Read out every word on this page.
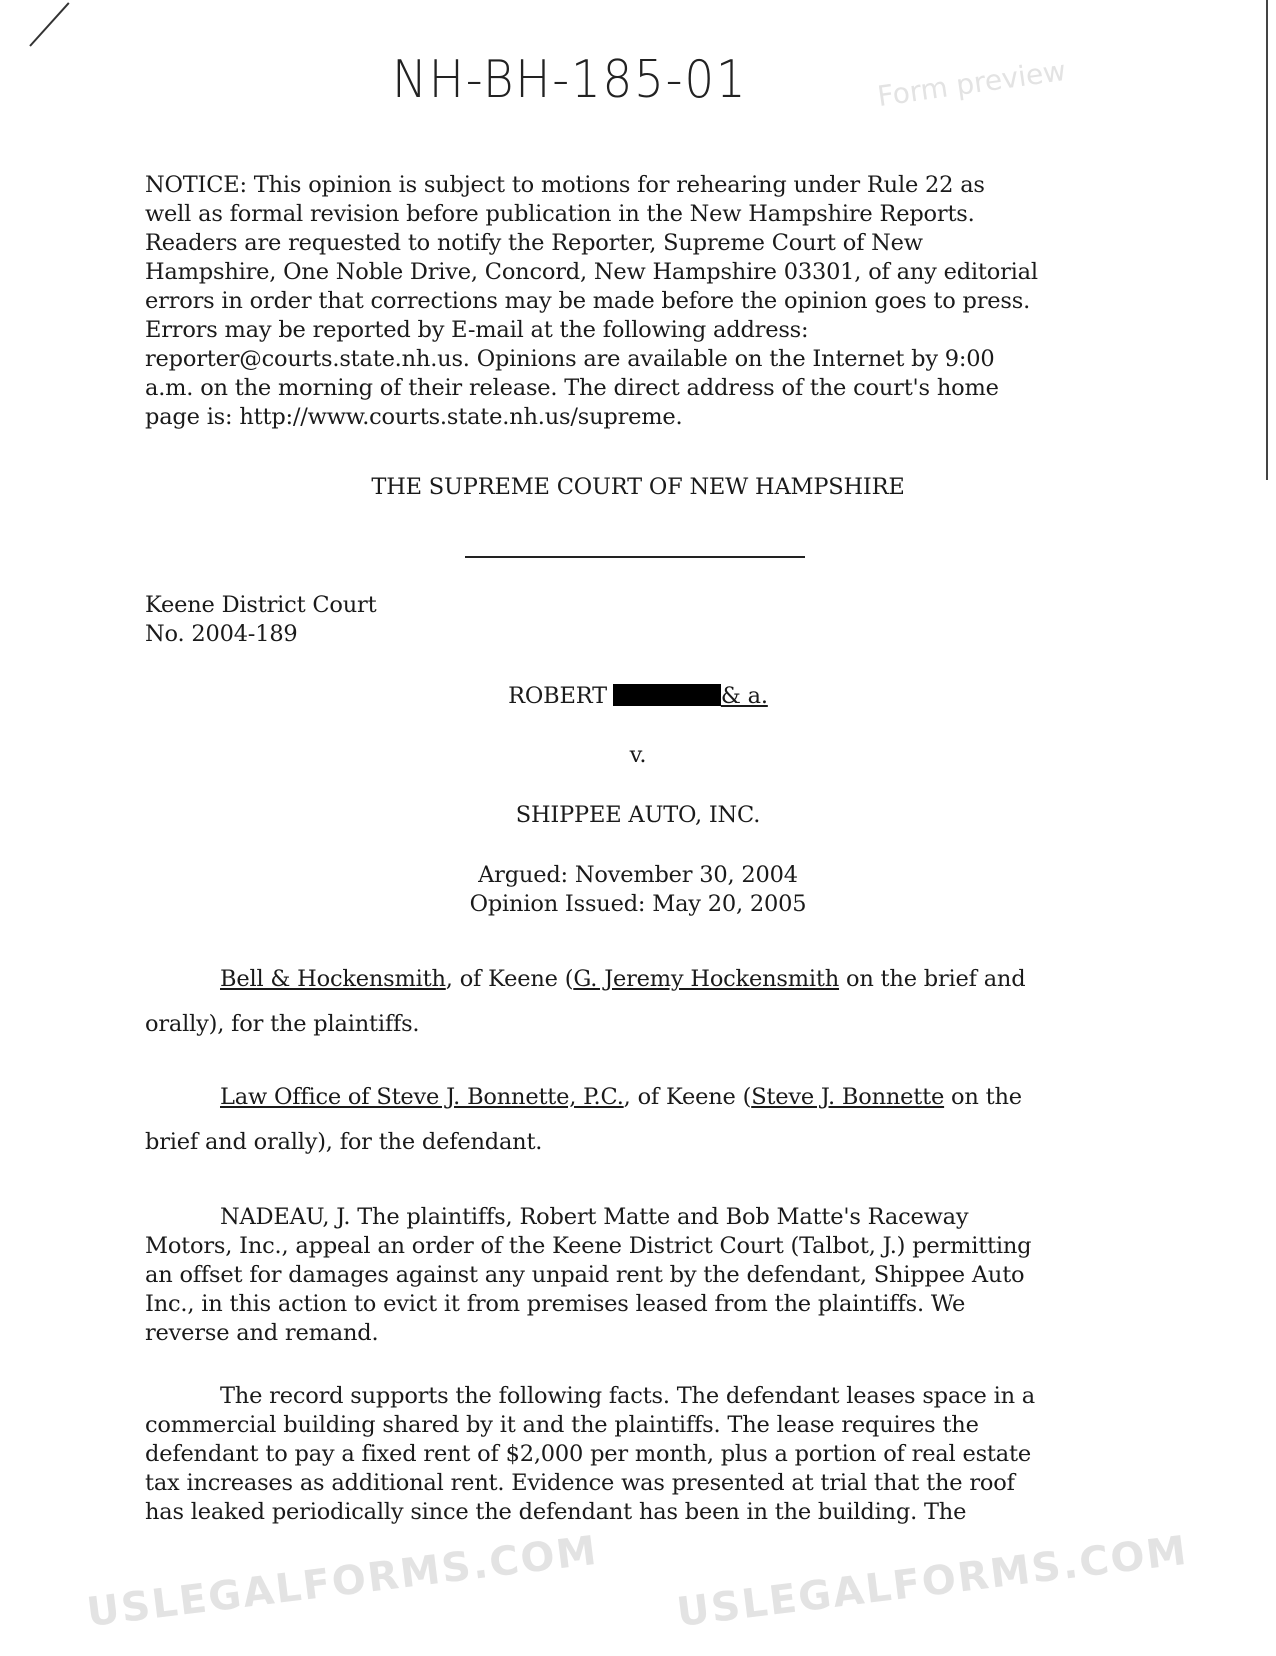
Form preview
USLEGALFORMS.COM USLEGALFORMS.COM
NH-BH-185-01
NOTICE: This opinion is subject to motions for rehearing under Rule 22 as
well as formal revision before publication in the New Hampshire Reports.
Readers are requested to notify the Reporter, Supreme Court of New
Hampshire, One Noble Drive, Concord, New Hampshire 03301, of any editorial
errors in order that corrections may be made before the opinion goes to press.
Errors may be reported by E-mail at the following address:
reporter@courts.state.nh.us. Opinions are available on the Internet by 9:00
a.m. on the morning of their release. The direct address of the court's home
page is: http://www.courts.state.nh.us/supreme.
THE SUPREME COURT OF NEW HAMPSHIRE
Keene District Court
No. 2004-189
ROBERT	& a.
v.
SHIPPEE AUTO, INC.
Argued: November 30, 2004
Opinion Issued: May 20, 2005
Bell & Hockensmith, of Keene (G. Jeremy Hockensmith on the brief and
orally), for the plaintiffs.
Law Office of Steve J. Bonnette, P.C., of Keene (Steve J. Bonnette on the
brief and orally), for the defendant.
NADEAU, J. The plaintiffs, Robert Matte and Bob Matte's Raceway
Motors, Inc., appeal an order of the Keene District Court (Talbot, J.) permitting
an offset for damages against any unpaid rent by the defendant, Shippee Auto
Inc., in this action to evict it from premises leased from the plaintiffs. We
reverse and remand.
The record supports the following facts. The defendant leases space in a
commercial building shared by it and the plaintiffs. The lease requires the
defendant to pay a fixed rent of $2,000 per month, plus a portion of real estate
tax increases as additional rent. Evidence was presented at trial that the roof
has leaked periodically since the defendant has been in the building. The
